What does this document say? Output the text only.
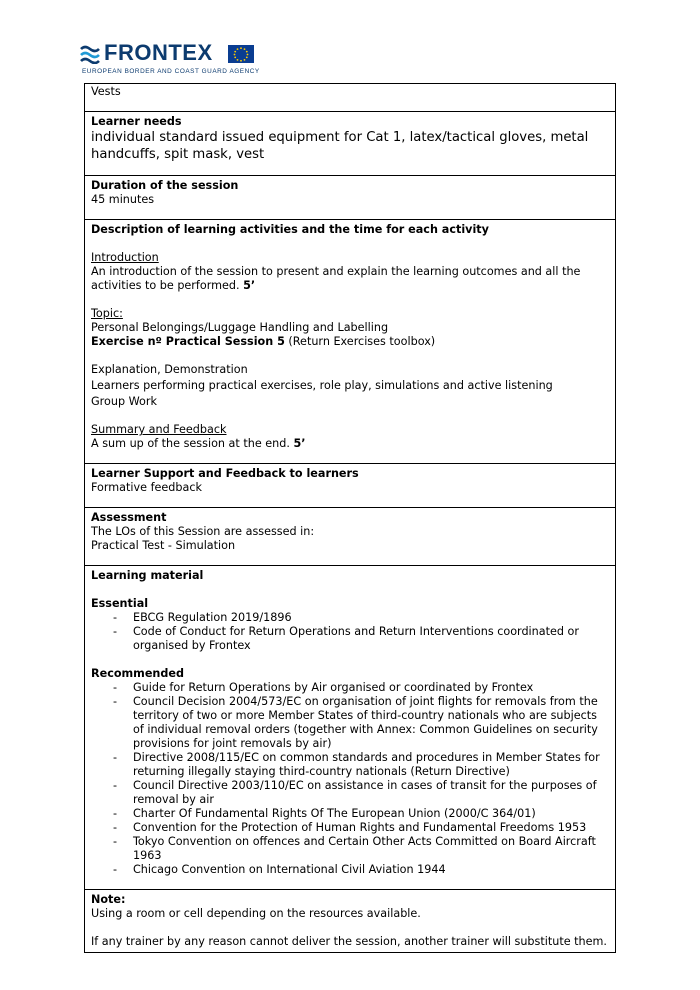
FRONTEX
EUROPEAN BORDER AND COAST GUARD AGENCY
Vests

Learner needs
individual standard issued equipment for Cat 1, latex/tactical gloves, metal handcuffs, spit mask, vest

Duration of the session
45 minutes

Description of learning activities and the time for each activity
Introduction
An introduction of the session to present and explain the learning outcomes and all the activities to be performed. 5’
Topic:
Personal Belongings/Luggage Handling and Labelling
Exercise nº Practical Session 5 (Return Exercises toolbox)
Explanation, Demonstration
Learners performing practical exercises, role play, simulations and active listening
Group Work
Summary and Feedback
A sum up of the session at the end. 5’

Learner Support and Feedback to learners
Formative feedback

Assessment
The LOs of this Session are assessed in:
Practical Test - Simulation

Learning material
Essential
- EBCG Regulation 2019/1896
- Code of Conduct for Return Operations and Return Interventions coordinated or organised by Frontex
Recommended
- Guide for Return Operations by Air organised or coordinated by Frontex
- Council Decision 2004/573/EC on organisation of joint flights for removals from the territory of two or more Member States of third-country nationals who are subjects of individual removal orders (together with Annex: Common Guidelines on security provisions for joint removals by air)
- Directive 2008/115/EC on common standards and procedures in Member States for returning illegally staying third-country nationals (Return Directive)
- Council Directive 2003/110/EC on assistance in cases of transit for the purposes of removal by air
- Charter Of Fundamental Rights Of The European Union (2000/C 364/01)
- Convention for the Protection of Human Rights and Fundamental Freedoms 1953
- Tokyo Convention on offences and Certain Other Acts Committed on Board Aircraft 1963
- Chicago Convention on International Civil Aviation 1944

Note:
Using a room or cell depending on the resources available.
If any trainer by any reason cannot deliver the session, another trainer will substitute them.
